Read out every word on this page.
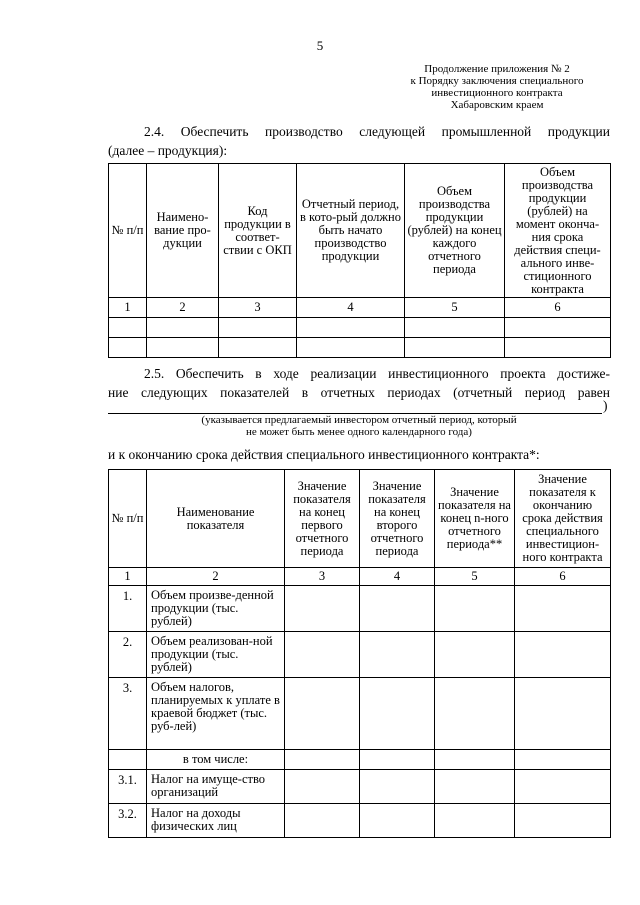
5
Продолжение приложения № 2
к Порядку заключения специального
инвестиционного контракта
Хабаровским краем
2.4. Обеспечить производство следующей промышленной продукции
(далее – продукция):
№ п/п	Наимено-вание про-дукции	Код продукции в соответ-ствии с ОКП	Отчетный период, в кото-рый должно быть начато производство продукции	Объем производства продукции (рублей) на конец каждого отчетного периода	Объем производства продукции (рублей) на момент оконча-ния срока действия специ-ального инве-стиционного контракта
1	2	3	4	5	6

2.5. Обеспечить в ходе реализации инвестиционного проекта достиже-
ние следующих показателей в отчетных периодах (отчетный период равен
)
(указывается предлагаемый инвестором отчетный период, который
не может быть менее одного календарного года)
и к окончанию срока действия специального инвестиционного контракта*:
№ п/п	Наименование показателя	Значение показателя на конец первого отчетного периода	Значение показателя на конец второго отчетного периода	Значение показателя на конец n-ного отчетного периода**	Значение показателя к окончанию срока действия специального инвестицион-ного контракта
1	2	3	4	5	6
1.	Объем произве-денной продукции (тыс. рублей)				
2.	Объем реализован-ной продукции (тыс. рублей)				
3.	Объем налогов, планируемых к уплате в краевой бюджет (тыс. руб-лей)				
	в том числе:				
3.1.	Налог на имуще-ство организаций				
3.2.	Налог на доходы физических лиц				
